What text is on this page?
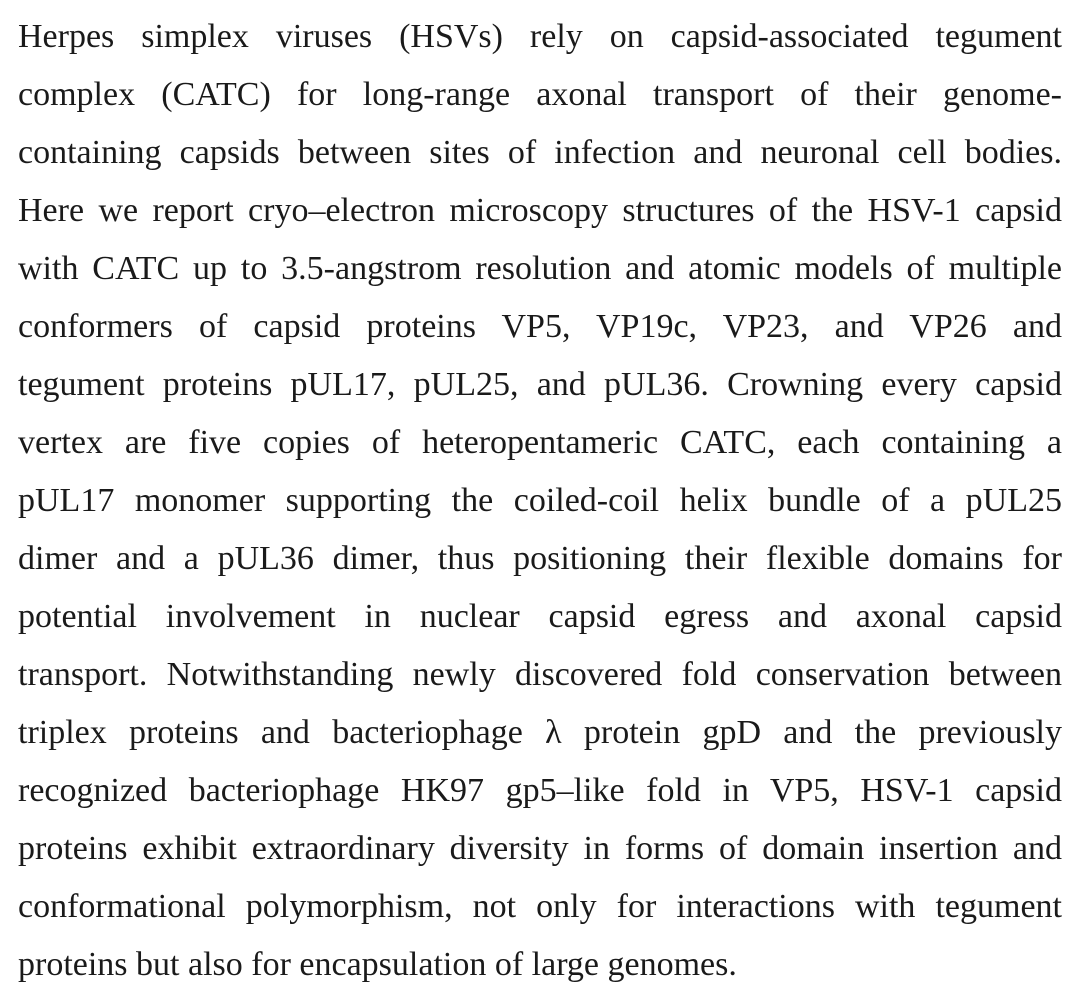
Herpes simplex viruses (HSVs) rely on capsid-associated tegument
complex (CATC) for long-range axonal transport of their genome-
containing capsids between sites of infection and neuronal cell bodies.
Here we report cryo–electron microscopy structures of the HSV-1 capsid
with CATC up to 3.5-angstrom resolution and atomic models of multiple
conformers of capsid proteins VP5, VP19c, VP23, and VP26 and
tegument proteins pUL17, pUL25, and pUL36. Crowning every capsid
vertex are five copies of heteropentameric CATC, each containing a
pUL17 monomer supporting the coiled-coil helix bundle of a pUL25
dimer and a pUL36 dimer, thus positioning their flexible domains for
potential involvement in nuclear capsid egress and axonal capsid
transport. Notwithstanding newly discovered fold conservation between
triplex proteins and bacteriophage λ protein gpD and the previously
recognized bacteriophage HK97 gp5–like fold in VP5, HSV-1 capsid
proteins exhibit extraordinary diversity in forms of domain insertion and
conformational polymorphism, not only for interactions with tegument
proteins but also for encapsulation of large genomes.
